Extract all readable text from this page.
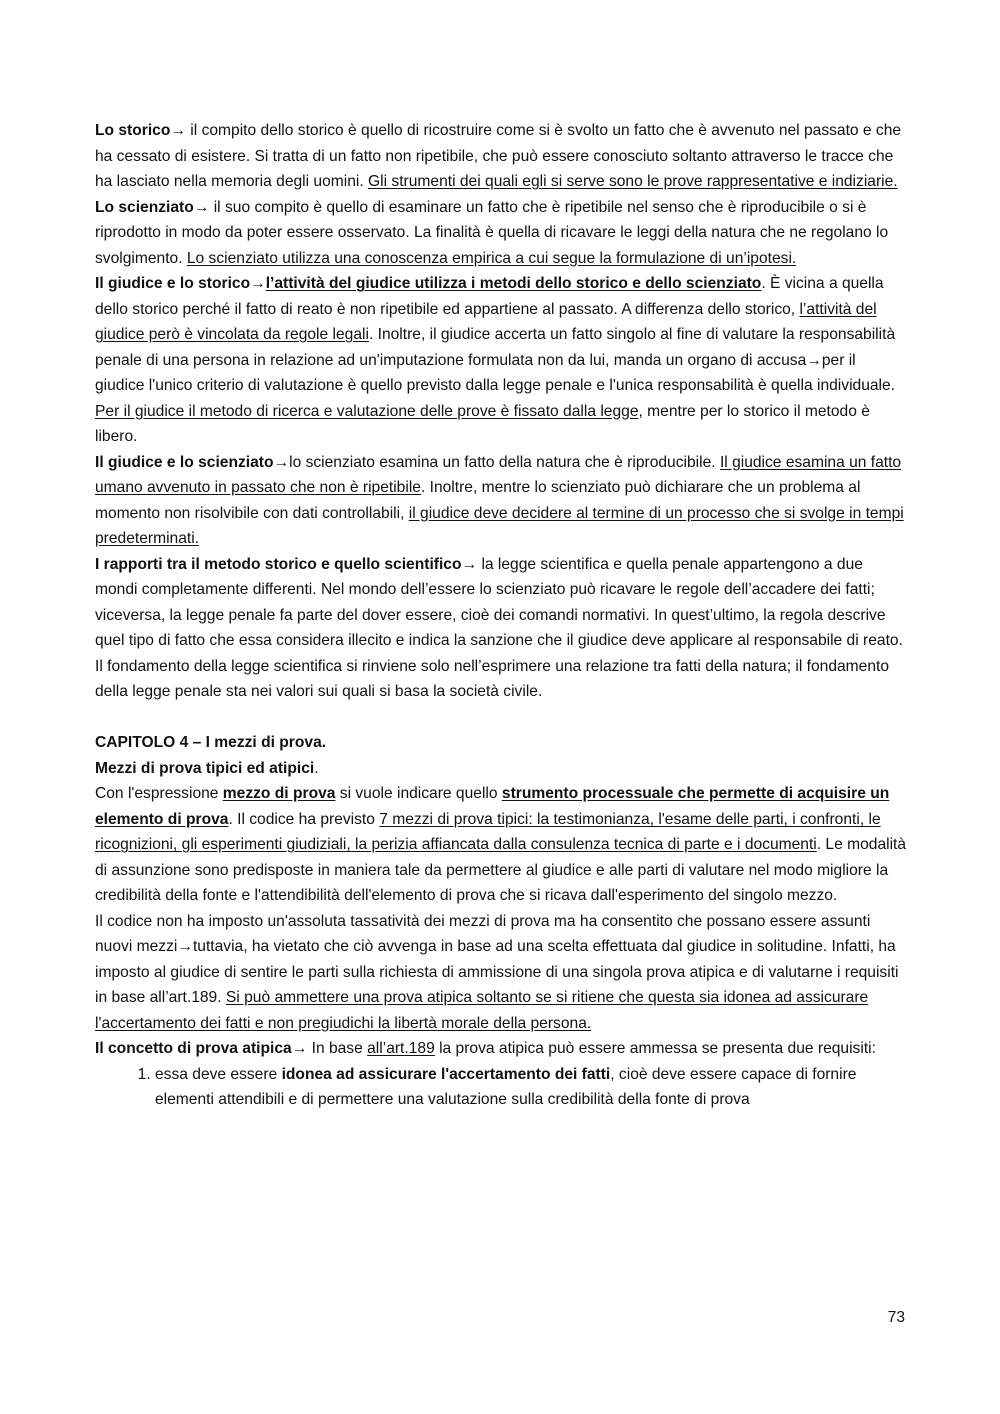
Lo storico→ il compito dello storico è quello di ricostruire come si è svolto un fatto che è avvenuto nel passato e che ha cessato di esistere. Si tratta di un fatto non ripetibile, che può essere conosciuto soltanto attraverso le tracce che ha lasciato nella memoria degli uomini. Gli strumenti dei quali egli si serve sono le prove rappresentative e indiziarie.

Lo scienziato→ il suo compito è quello di esaminare un fatto che è ripetibile nel senso che è riproducibile o si è riprodotto in modo da poter essere osservato. La finalità è quella di ricavare le leggi della natura che ne regolano lo svolgimento. Lo scienziato utilizza una conoscenza empirica a cui segue la formulazione di un’ipotesi.

Il giudice e lo storico→l’attività del giudice utilizza i metodi dello storico e dello scienziato. È vicina a quella dello storico perché il fatto di reato è non ripetibile ed appartiene al passato. A differenza dello storico, l’attività del giudice però è vincolata da regole legali. Inoltre, il giudice accerta un fatto singolo al fine di valutare la responsabilità penale di una persona in relazione ad un'imputazione formulata non da lui, manda un organo di accusa→per il giudice l'unico criterio di valutazione è quello previsto dalla legge penale e l'unica responsabilità è quella individuale.

Per il giudice il metodo di ricerca e valutazione delle prove è fissato dalla legge, mentre per lo storico il metodo è libero.

Il giudice e lo scienziato→lo scienziato esamina un fatto della natura che è riproducibile. Il giudice esamina un fatto umano avvenuto in passato che non è ripetibile. Inoltre, mentre lo scienziato può dichiarare che un problema al momento non risolvibile con dati controllabili, il giudice deve decidere al termine di un processo che si svolge in tempi predeterminati.

I rapporti tra il metodo storico e quello scientifico→ la legge scientifica e quella penale appartengono a due mondi completamente differenti. Nel mondo dell’essere lo scienziato può ricavare le regole dell’accadere dei fatti; viceversa, la legge penale fa parte del dover essere, cioè dei comandi normativi. In quest’ultimo, la regola descrive quel tipo di fatto che essa considera illecito e indica la sanzione che il giudice deve applicare al responsabile di reato.

Il fondamento della legge scientifica si rinviene solo nell’esprimere una relazione tra fatti della natura; il fondamento della legge penale sta nei valori sui quali si basa la società civile.

CAPITOLO 4 – I mezzi di prova.

Mezzi di prova tipici ed atipici.

Con l'espressione mezzo di prova si vuole indicare quello strumento processuale che permette di acquisire un elemento di prova. Il codice ha previsto 7 mezzi di prova tipici: la testimonianza, l'esame delle parti, i confronti, le ricognizioni, gli esperimenti giudiziali, la perizia affiancata dalla consulenza tecnica di parte e i documenti. Le modalità di assunzione sono predisposte in maniera tale da permettere al giudice e alle parti di valutare nel modo migliore la credibilità della fonte e l'attendibilità dell'elemento di prova che si ricava dall'esperimento del singolo mezzo.

Il codice non ha imposto un'assoluta tassatività dei mezzi di prova ma ha consentito che possano essere assunti nuovi mezzi→tuttavia, ha vietato che ciò avvenga in base ad una scelta effettuata dal giudice in solitudine. Infatti, ha imposto al giudice di sentire le parti sulla richiesta di ammissione di una singola prova atipica e di valutarne i requisiti in base all’art.189. Si può ammettere una prova atipica soltanto se si ritiene che questa sia idonea ad assicurare l'accertamento dei fatti e non pregiudichi la libertà morale della persona.

Il concetto di prova atipica→ In base all’art.189 la prova atipica può essere ammessa se presenta due requisiti:

1. essa deve essere idonea ad assicurare l'accertamento dei fatti, cioè deve essere capace di fornire elementi attendibili e di permettere una valutazione sulla credibilità della fonte di prova
73
